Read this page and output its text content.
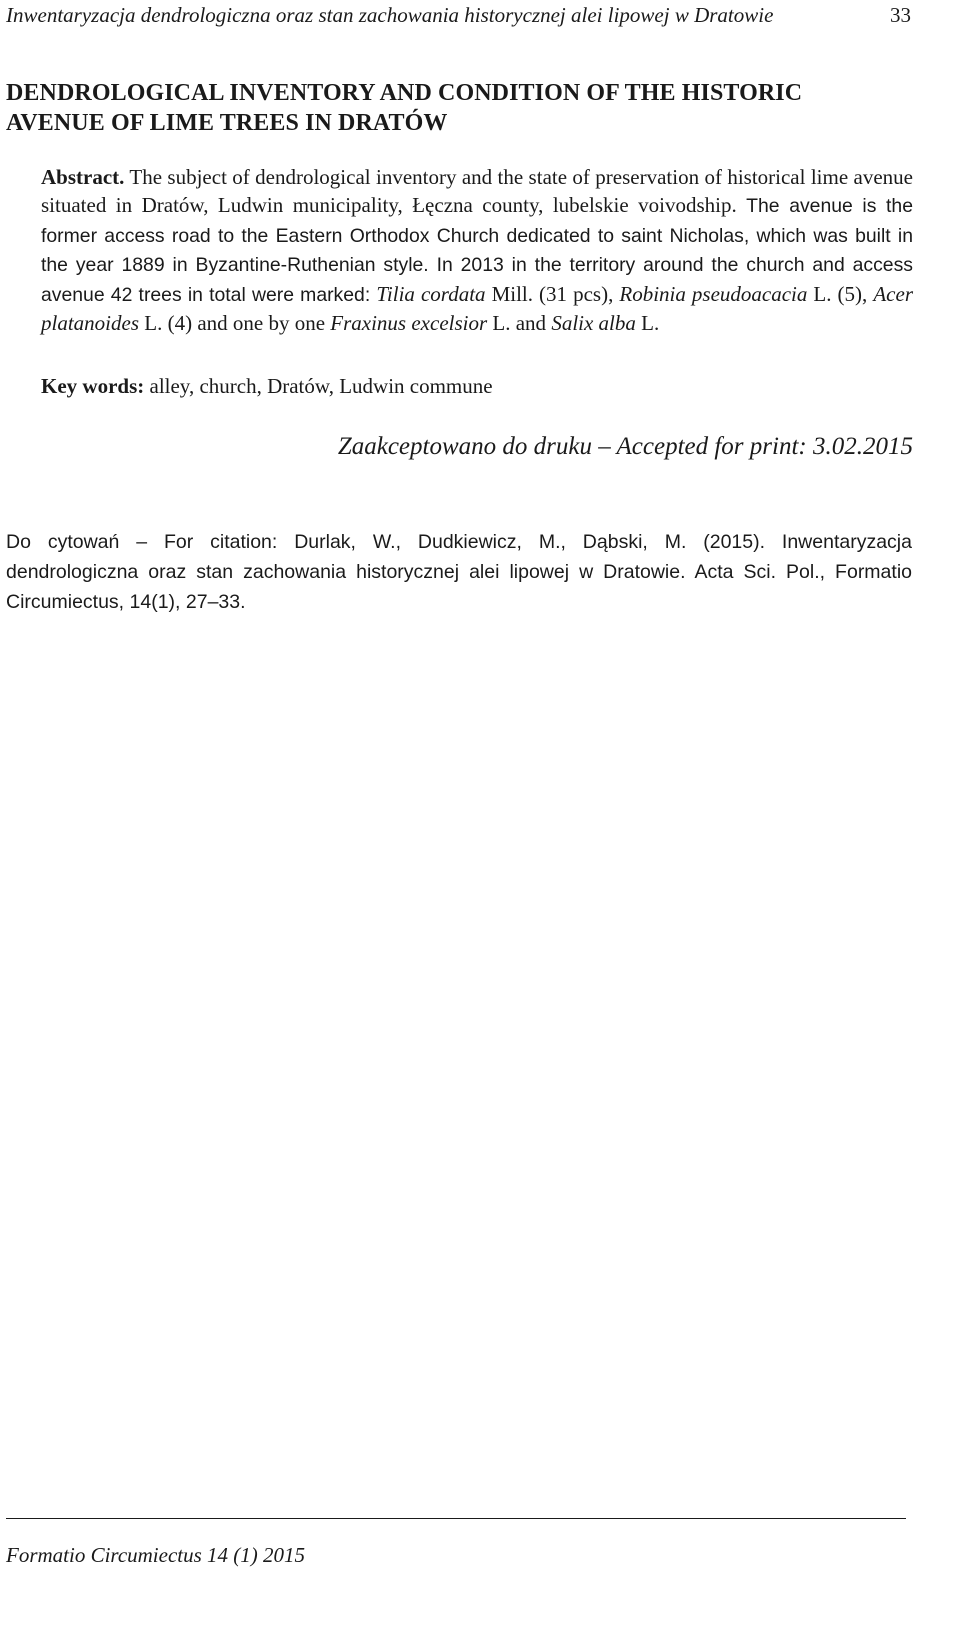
Inwentaryzacja dendrologiczna oraz stan zachowania historycznej alei lipowej w Dratowie	33
DENDROLOGICAL INVENTORY AND CONDITION OF THE HISTORIC
AVENUE OF LIME TREES IN DRATÓW

Abstract. The subject of dendrological inventory and the state of preservation of historical lime avenue situated in Dratów, Ludwin municipality, Łęczna county, lubelskie voivodship. The avenue is the former access road to the Eastern Orthodox Church dedicated to saint Nicholas, which was built in the year 1889 in Byzantine-Ruthenian style. In 2013 in the territory around the church and access avenue 42 trees in total were marked: Tilia cordata Mill. (31 pcs), Robinia pseudoacacia L. (5), Acer platanoides L. (4) and one by one Fraxinus excelsior L. and Salix alba L.

Key words: alley, church, Dratów, Ludwin commune

Zaakceptowano do druku – Accepted for print: 3.02.2015

Do cytowań – For citation: Durlak, W., Dudkiewicz, M., Dąbski, M. (2015). Inwentaryzacja dendrologiczna oraz stan zachowania historycznej alei lipowej w Dratowie. Acta Sci. Pol., Formatio Circumiectus, 14(1), 27–33.

Formatio Circumiectus 14 (1) 2015
